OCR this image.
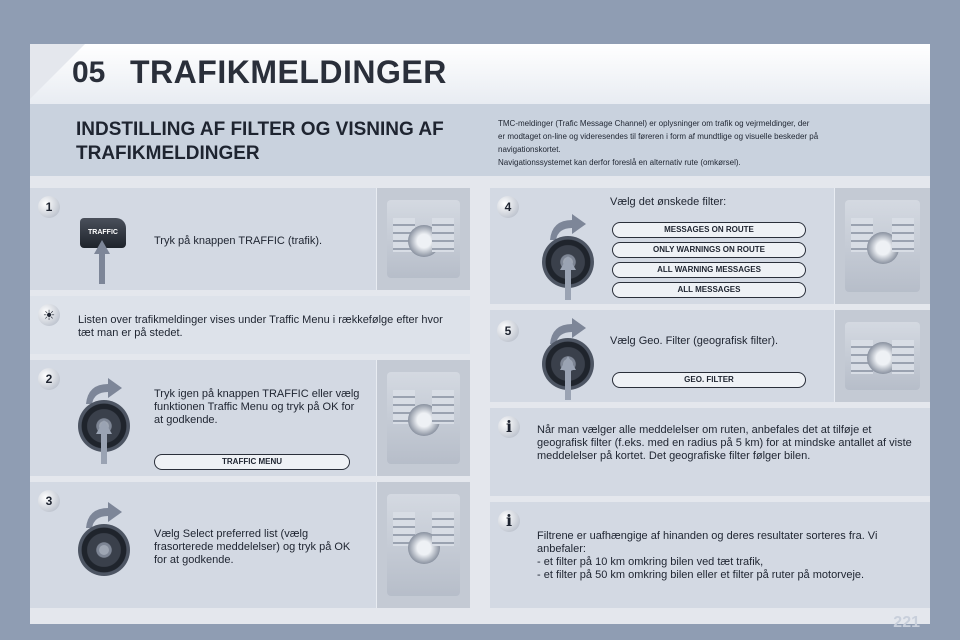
05 TRAFIKMELDINGER
INDSTILLING AF FILTER OG VISNING AF TRAFIKMELDINGER

TMC-meldinger (Trafic Message Channel) er oplysninger om trafik og vejrmeldinger, der

er modtaget on-line og videresendes til føreren i form af mundtlige og visuelle beskeder på

navigationskortet.

Navigationssystemet kan derfor foreslå en alternativ rute (omkørsel).

1
TRAFFIC
Tryk på knappen TRAFFIC (trafik).
☀	Listen over trafikmeldinger vises under Traffic Menu i rækkefølge efter hvor tæt man er på stedet.
2
Tryk igen på knappen TRAFFIC eller vælg funktionen Traffic Menu og tryk på OK for at godkende.
TRAFFIC MENU
3
Vælg Select preferred list (vælg frasorterede meddelelser) og tryk på OK for at godkende.
4	Vælg det ønskede filter:
MESSAGES ON ROUTE
ONLY WARNINGS ON ROUTE
ALL WARNING MESSAGES
ALL MESSAGES
5
Vælg Geo. Filter (geografisk filter).
GEO. FILTER
i	Når man vælger alle meddelelser om ruten, anbefales det at tilføje et geografisk filter (f.eks. med en radius på 5 km) for at mindske antallet af viste meddelelser på kortet. Det geografiske filter følger bilen.
i
Filtrene er uafhængige af hinanden og deres resultater sorteres fra. Vi anbefaler:
- et filter på 10 km omkring bilen ved tæt trafik,
- et filter på 50 km omkring bilen eller et filter på ruter på motorveje.
221
